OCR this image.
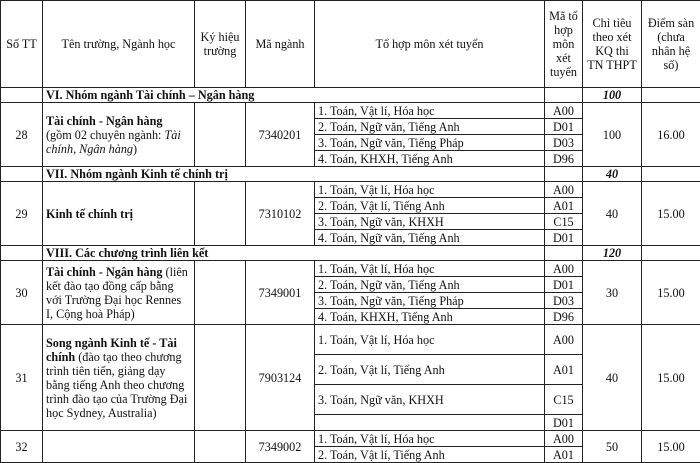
Số TT	Tên trường, Ngành học	Ký hiệu trường	Mã ngành	Tổ hợp môn xét tuyển	Mã tổ hợp môn xét tuyển	Chỉ tiêu theo xét KQ thi TN THPT	Điểm sàn (chưa nhân hệ số)
	VI. Nhóm ngành Tài chính – Ngân hàng					100	
28	Tài chính - Ngân hàng (gồm 02 chuyên ngành: Tài chính, Ngân hàng)		7340201	1. Toán, Vật lí, Hóa học	A00	100	16.00
				2. Toán, Ngữ văn, Tiếng Anh	D01		
				3. Toán, Ngữ văn, Tiếng Pháp	D03		
				4. Toán, KHXH, Tiếng Anh	D96		
	VII. Nhóm ngành Kinh tế chính trị					40	
29	Kinh tế chính trị		7310102	1. Toán, Vật lí, Hóa học	A00	40	15.00
				2. Toán, Vật lí, Tiếng Anh	A01		
				3. Toán, Ngữ văn, KHXH	C15		
				4. Toán, Ngữ văn, Tiếng Anh	D01		
	VIII. Các chương trình liên kết					120	
30	Tài chính - Ngân hàng (liên kết đào tạo đồng cấp bằng với Trường Đại học Rennes I, Cộng hoà Pháp)		7349001	1. Toán, Vật lí, Hóa học	A00	30	15.00
				2. Toán, Ngữ văn, Tiếng Anh	D01		
				3. Toán, Ngữ văn, Tiếng Pháp	D03		
				4. Toán, KHXH, Tiếng Anh	D96		
31	Song ngành Kinh tế - Tài chính (đào tạo theo chương trình tiên tiến, giảng dạy bằng tiếng Anh theo chương trình đào tạo của Trường Đại học Sydney, Australia)		7903124	1. Toán, Vật lí, Hóa học	A00	40	15.00
				2. Toán, Vật lí, Tiếng Anh	A01		
				3. Toán, Ngữ văn, KHXH	C15		
					D01		
32			7349002	1. Toán, Vật lí, Hóa học	A00	50	15.00
				2. Toán, Vật lí, Tiếng Anh	A01		
